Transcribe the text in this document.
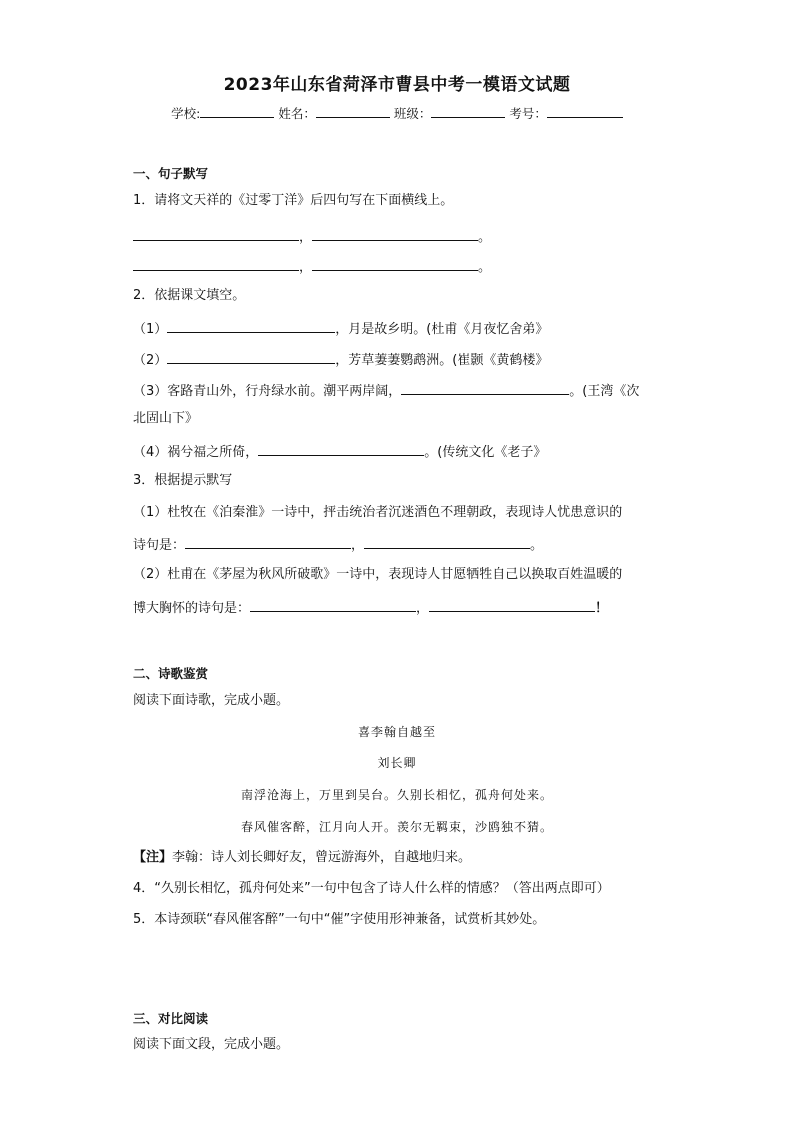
2023年山东省菏泽市曹县中考一模语文试题
学校:	姓名：	班级：	考号：
一、句子默写
1．请将文天祥的《过零丁洋》后四句写在下面横线上。
，	。
，	。
2．依据课文填空。
（1）	，月是故乡明。(杜甫《月夜忆舍弟》
（2）	，芳草萋萋鹦鹉洲。(崔颢《黄鹤楼》
（3）客路青山外，行舟绿水前。潮平两岸阔，	。(王湾《次
北固山下》
（4）祸兮福之所倚，	。(传统文化《老子》
3．根据提示默写
（1）杜牧在《泊秦淮》一诗中，抨击统治者沉迷酒色不理朝政，表现诗人忧患意识的
诗句是：	，	。
（2）杜甫在《茅屋为秋风所破歌》一诗中，表现诗人甘愿牺牲自己以换取百姓温暖的
博大胸怀的诗句是：	，	！
二、诗歌鉴赏
阅读下面诗歌，完成小题。
喜李翰自越至
刘长卿
南浮沧海上，万里到吴台。久别长相忆，孤舟何处来。
春风催客醉，江月向人开。羡尔无羁束，沙鸥独不猜。
【注】李翰：诗人刘长卿好友，曾远游海外，自越地归来。
4．“久别长相忆，孤舟何处来”一句中包含了诗人什么样的情感？（答出两点即可）
5．本诗颈联“春风催客醉”一句中“催”字使用形神兼备，试赏析其妙处。
三、对比阅读
阅读下面文段，完成小题。
